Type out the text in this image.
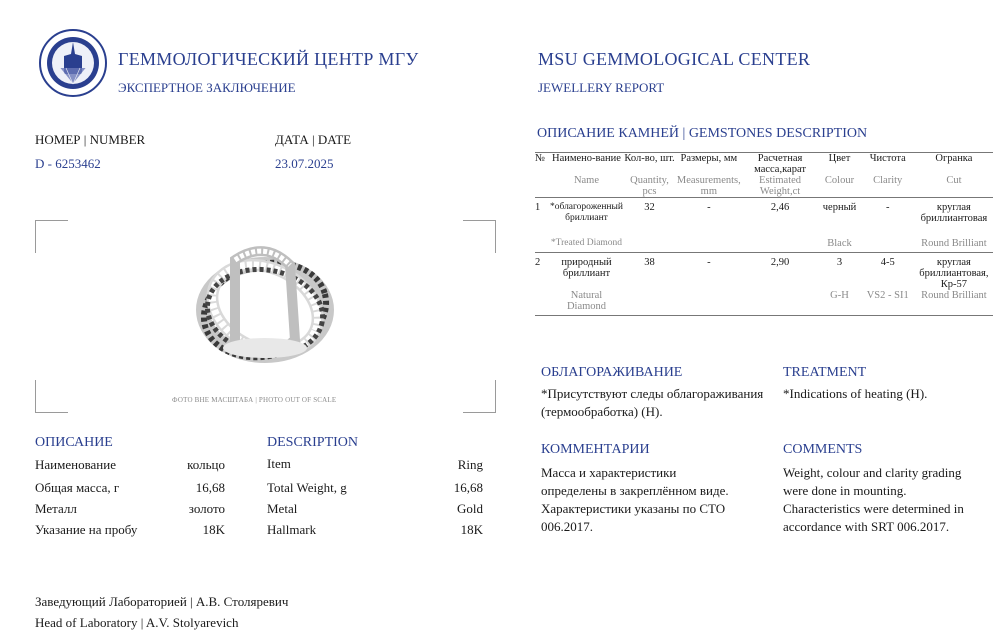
ГЕММОЛОГИЧЕСКИЙ ЦЕНТР МГУ
ЭКСПЕРТНОЕ ЗАКЛЮЧЕНИЕ
MSU GEMMOLOGICAL CENTER
JEWELLERY REPORT
НОМЕР | NUMBER
D - 6253462
ДАТА | DATE
23.07.2025
ФОТО ВНЕ МАСШТАБА | PHOTO OUT OF SCALE
ОПИСАНИЕ	DESCRIPTION
Наименование	кольцо	Item	Ring
Общая масса, г	16,68	Total Weight, g	16,68
Металл	золото	Metal	Gold
Указание на пробу	18K	Hallmark	18K
Заведующий Лабораторией | А.В. Столяревич
Head of Laboratory | A.V. Stolyarevich
ОПИСАНИЕ КАМНЕЙ | GEMSTONES DESCRIPTION
№	Наимено-вание	Кол-во, шт.	Размеры, мм	Расчетная масса,карат	Цвет	Чистота	Огранка
	Name	Quantity, pcs	Measurements, mm	Estimated Weight,ct	Colour	Clarity	Cut
1	*облагороженный бриллиант	32	-	2,46	черный	-	круглая бриллиантовая
	*Treated Diamond				Black		Round Brilliant
2	природный бриллиант	38	-	2,90	3	4-5	круглая бриллиантовая, Кр-57
	Natural Diamond				G-H	VS2 - SI1	Round Brilliant
ОБЛАГОРАЖИВАНИЕ
*Присутствуют следы облагораживания (термообработка) (Н).
TREATMENT
*Indications of heating (H).
КОММЕНТАРИИ
Масса и характеристики определены в закреплённом виде. Характеристики указаны по СТО 006.2017.
COMMENTS
Weight, colour and clarity grading were done in mounting. Characteristics were determined in accordance with SRT 006.2017.
